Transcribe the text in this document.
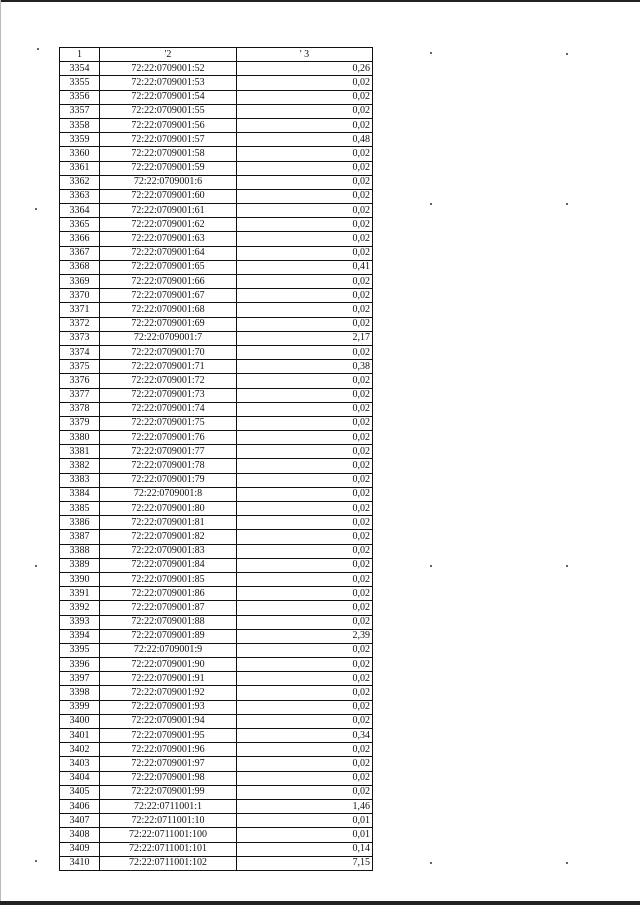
1	'2	' 3
3354	72:22:0709001:52	0,26
3355	72:22:0709001:53	0,02
3356	72:22:0709001:54	0,02
3357	72:22:0709001:55	0,02
3358	72:22:0709001:56	0,02
3359	72:22:0709001:57	0,48
3360	72:22:0709001:58	0,02
3361	72:22:0709001:59	0,02
3362	72:22:0709001:6	0,02
3363	72:22:0709001:60	0,02
3364	72:22:0709001:61	0,02
3365	72:22:0709001:62	0,02
3366	72:22:0709001:63	0,02
3367	72:22:0709001:64	0,02
3368	72:22:0709001:65	0,41
3369	72:22:0709001:66	0,02
3370	72:22:0709001:67	0,02
3371	72:22:0709001:68	0,02
3372	72:22:0709001:69	0,02
3373	72:22:0709001:7	2,17
3374	72:22:0709001:70	0,02
3375	72:22:0709001:71	0,38
3376	72:22:0709001:72	0,02
3377	72:22:0709001:73	0,02
3378	72:22:0709001:74	0,02
3379	72:22:0709001:75	0,02
3380	72:22:0709001:76	0,02
3381	72:22:0709001:77	0,02
3382	72:22:0709001:78	0,02
3383	72:22:0709001:79	0,02
3384	72:22:0709001:8	0,02
3385	72:22:0709001:80	0,02
3386	72:22:0709001:81	0,02
3387	72:22:0709001:82	0,02
3388	72:22:0709001:83	0,02
3389	72:22:0709001:84	0,02
3390	72:22:0709001:85	0,02
3391	72:22:0709001:86	0,02
3392	72:22:0709001:87	0,02
3393	72:22:0709001:88	0,02
3394	72:22:0709001:89	2,39
3395	72:22:0709001:9	0,02
3396	72:22:0709001:90	0,02
3397	72:22:0709001:91	0,02
3398	72:22:0709001:92	0,02
3399	72:22:0709001:93	0,02
3400	72:22:0709001:94	0,02
3401	72:22:0709001:95	0,34
3402	72:22:0709001:96	0,02
3403	72:22:0709001:97	0,02
3404	72:22:0709001:98	0,02
3405	72:22:0709001:99	0,02
3406	72:22:0711001:1	1,46
3407	72:22:0711001:10	0,01
3408	72:22:0711001:100	0,01
3409	72:22:0711001:101	0,14
3410	72:22:0711001:102	7,15
